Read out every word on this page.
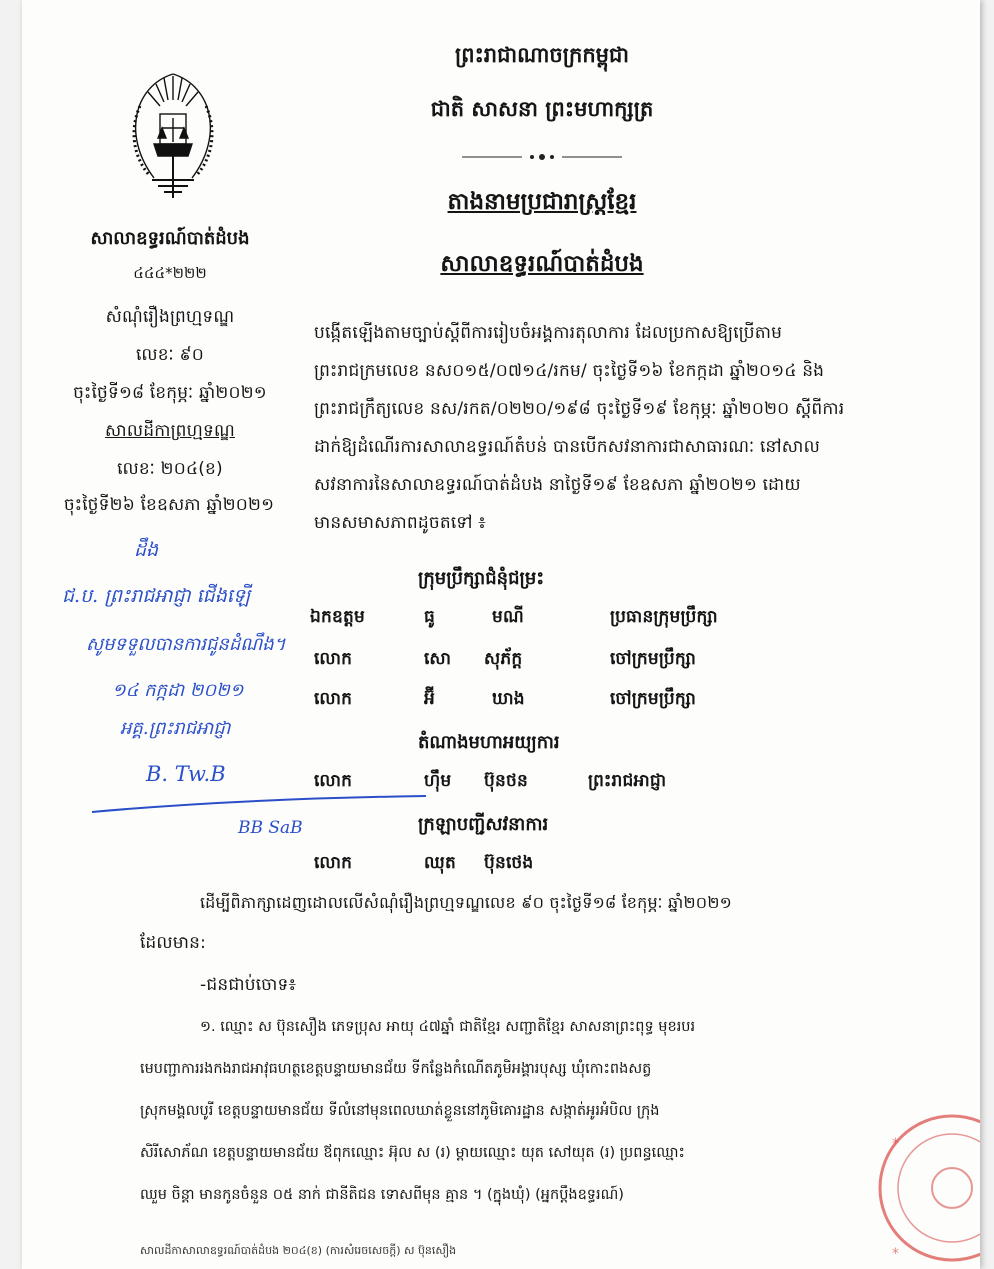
ព្រះរាជាណាចក្រកម្ពុជា
ជាតិ សាសនា ព្រះមហាក្សត្រ
តាងនាមប្រជារាស្ត្រខ្មែរ
សាលាឧទ្ធរណ៍បាត់ដំបង
សាលាឧទ្ធរណ៍បាត់ដំបង
៤៤៤*២២២
សំណុំរឿងព្រហ្មទណ្ឌ
លេខៈ ៩០
ចុះថ្ងៃទី១៨ ខែកុម្ភៈ ឆ្នាំ២០២១
សាលដីកាព្រហ្មទណ្ឌ
លេខៈ ២០៤(ខ)
ចុះថ្ងៃទី២៦ ខែឧសភា ឆ្នាំ២០២១
ដឹង
ជ.ប. ព្រះរាជអាជ្ញា ជើងឡើ
សូមទទួលបានការជូនដំណឹង។
១៤ កក្កដា ២០២១
អគ្គ.ព្រះរាជអាជ្ញា
B. Tw.B
BB SaB
បង្កើតឡើងតាមច្បាប់ស្តីពីការរៀបចំអង្គការតុលាការ ដែលប្រកាសឱ្យប្រើតាម
ព្រះរាជក្រមលេខ នស០១៥/០៧១៤/រកម/ ចុះថ្ងៃទី១៦ ខែកក្កដា ឆ្នាំ២០១៤ និង
ព្រះរាជក្រឹត្យលេខ នស/រកត/០២២០/១៩៨ ចុះថ្ងៃទី១៩ ខែកុម្ភៈ ឆ្នាំ២០២០ ស្តីពីការ
ដាក់ឱ្យដំណើរការសាលាឧទ្ធរណ៍តំបន់ បានបើកសវនាការជាសាធារណៈ នៅសាល
សវនាការនៃសាលាឧទ្ធរណ៍បាត់ដំបង នាថ្ងៃទី១៩ ខែឧសភា ឆ្នាំ២០២១ ដោយ
មានសមាសភាពដូចតទៅ ៖
ក្រុមប្រឹក្សាជំនុំជម្រះ
ឯកឧត្តម	ធូ	មណី	ប្រធានក្រុមប្រឹក្សា
លោក	សោ សុភ័ក្ត	ចៅក្រមប្រឹក្សា
លោក	អ៊ី	ឃាង	ចៅក្រមប្រឹក្សា
តំណាងមហាអយ្យការ
លោក	ហ៊ឹម ប៊ុនថន	ព្រះរាជអាជ្ញា
ក្រឡាបញ្ជីសវនាការ
លោក	ឈុត ប៊ុនថេង
ដើម្បីពិភាក្សាដេញដោលលើសំណុំរឿងព្រហ្មទណ្ឌលេខ ៩០ ចុះថ្ងៃទី១៨ ខែកុម្ភៈ ឆ្នាំ២០២១
ដែលមាន:
-ជនជាប់ចោទ៖
១. ឈ្មោះ ស ប៊ុនសឿង ភេទប្រុស អាយុ ៤៧ឆ្នាំ ជាតិខ្មែរ សញ្ជាតិខ្មែរ សាសនាព្រះពុទ្ធ មុខរបរ
មេបញ្ជាការរងកងរាជអាវុធហត្ថខេត្តបន្ទាយមានជ័យ ទីកន្លែងកំណើតភូមិអង្គារបុស្ស ឃុំកោះពងសត្វ
ស្រុកមង្គលបូរី ខេត្តបន្ទាយមានជ័យ ទីលំនៅមុនពេលឃាត់ខ្លួននៅភូមិគោរដ្ឋាន សង្កាត់អូរអំបិល ក្រុង
សិរីសោភ័ណ ខេត្តបន្ទាយមានជ័យ ឪពុកឈ្មោះ អ៊ុល ស (រ) ម្តាយឈ្មោះ យុត សៅយុត (រ) ប្រពន្ធឈ្មោះ
ឈួម ចិន្តា មានកូនចំនួន ០៥ នាក់ ជានីតិជន ទោសពីមុន គ្មាន ។ (ក្នុងឃុំ) (អ្នកប្តឹងឧទ្ធរណ៍)
*
*
សាលដីកាសាលាឧទ្ធរណ៍បាត់ដំបង ២០៤(ខ) (ការសំរេចសេចក្តី) ស ប៊ុនសឿង
